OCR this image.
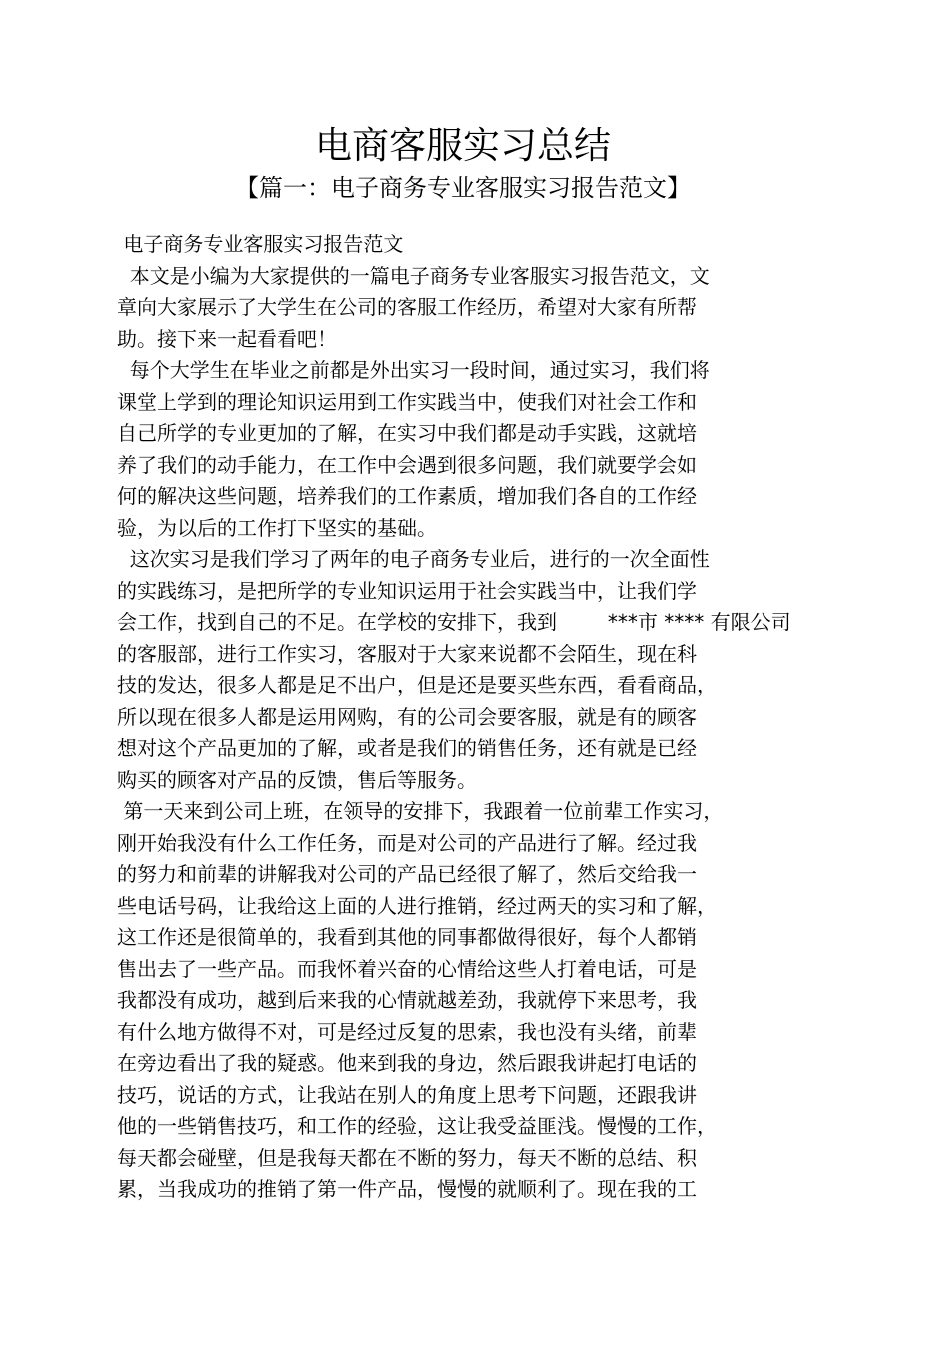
电商客服实习总结
【篇一：电子商务专业客服实习报告范文】
电子商务专业客服实习报告范文
本文是小编为大家提供的一篇电子商务专业客服实习报告范文，文
章向大家展示了大学生在公司的客服工作经历，希望对大家有所帮
助。接下来一起看看吧！
每个大学生在毕业之前都是外出实习一段时间，通过实习，我们将
课堂上学到的理论知识运用到工作实践当中，使我们对社会工作和
自己所学的专业更加的了解，在实习中我们都是动手实践，这就培
养了我们的动手能力，在工作中会遇到很多问题，我们就要学会如
何的解决这些问题，培养我们的工作素质，增加我们各自的工作经
验，为以后的工作打下坚实的基础。
这次实习是我们学习了两年的电子商务专业后，进行的一次全面性
的实践练习，是把所学的专业知识运用于社会实践当中，让我们学
会工作，找到自己的不足。在学校的安排下，我到        ***市 **** 有限公司
的客服部，进行工作实习，客服对于大家来说都不会陌生，现在科
技的发达，很多人都是足不出户，但是还是要买些东西，看看商品，
所以现在很多人都是运用网购，有的公司会要客服，就是有的顾客
想对这个产品更加的了解，或者是我们的销售任务，还有就是已经
购买的顾客对产品的反馈，售后等服务。
第一天来到公司上班，在领导的安排下，我跟着一位前辈工作实习，
刚开始我没有什么工作任务，而是对公司的产品进行了解。经过我
的努力和前辈的讲解我对公司的产品已经很了解了，然后交给我一
些电话号码，让我给这上面的人进行推销，经过两天的实习和了解，
这工作还是很简单的，我看到其他的同事都做得很好，每个人都销
售出去了一些产品。而我怀着兴奋的心情给这些人打着电话，可是
我都没有成功，越到后来我的心情就越差劲，我就停下来思考，我
有什么地方做得不对，可是经过反复的思索，我也没有头绪，前辈
在旁边看出了我的疑惑。他来到我的身边，然后跟我讲起打电话的
技巧，说话的方式，让我站在别人的角度上思考下问题，还跟我讲
他的一些销售技巧，和工作的经验，这让我受益匪浅。慢慢的工作，
每天都会碰壁，但是我每天都在不断的努力，每天不断的总结、积
累，当我成功的推销了第一件产品，慢慢的就顺利了。现在我的工
